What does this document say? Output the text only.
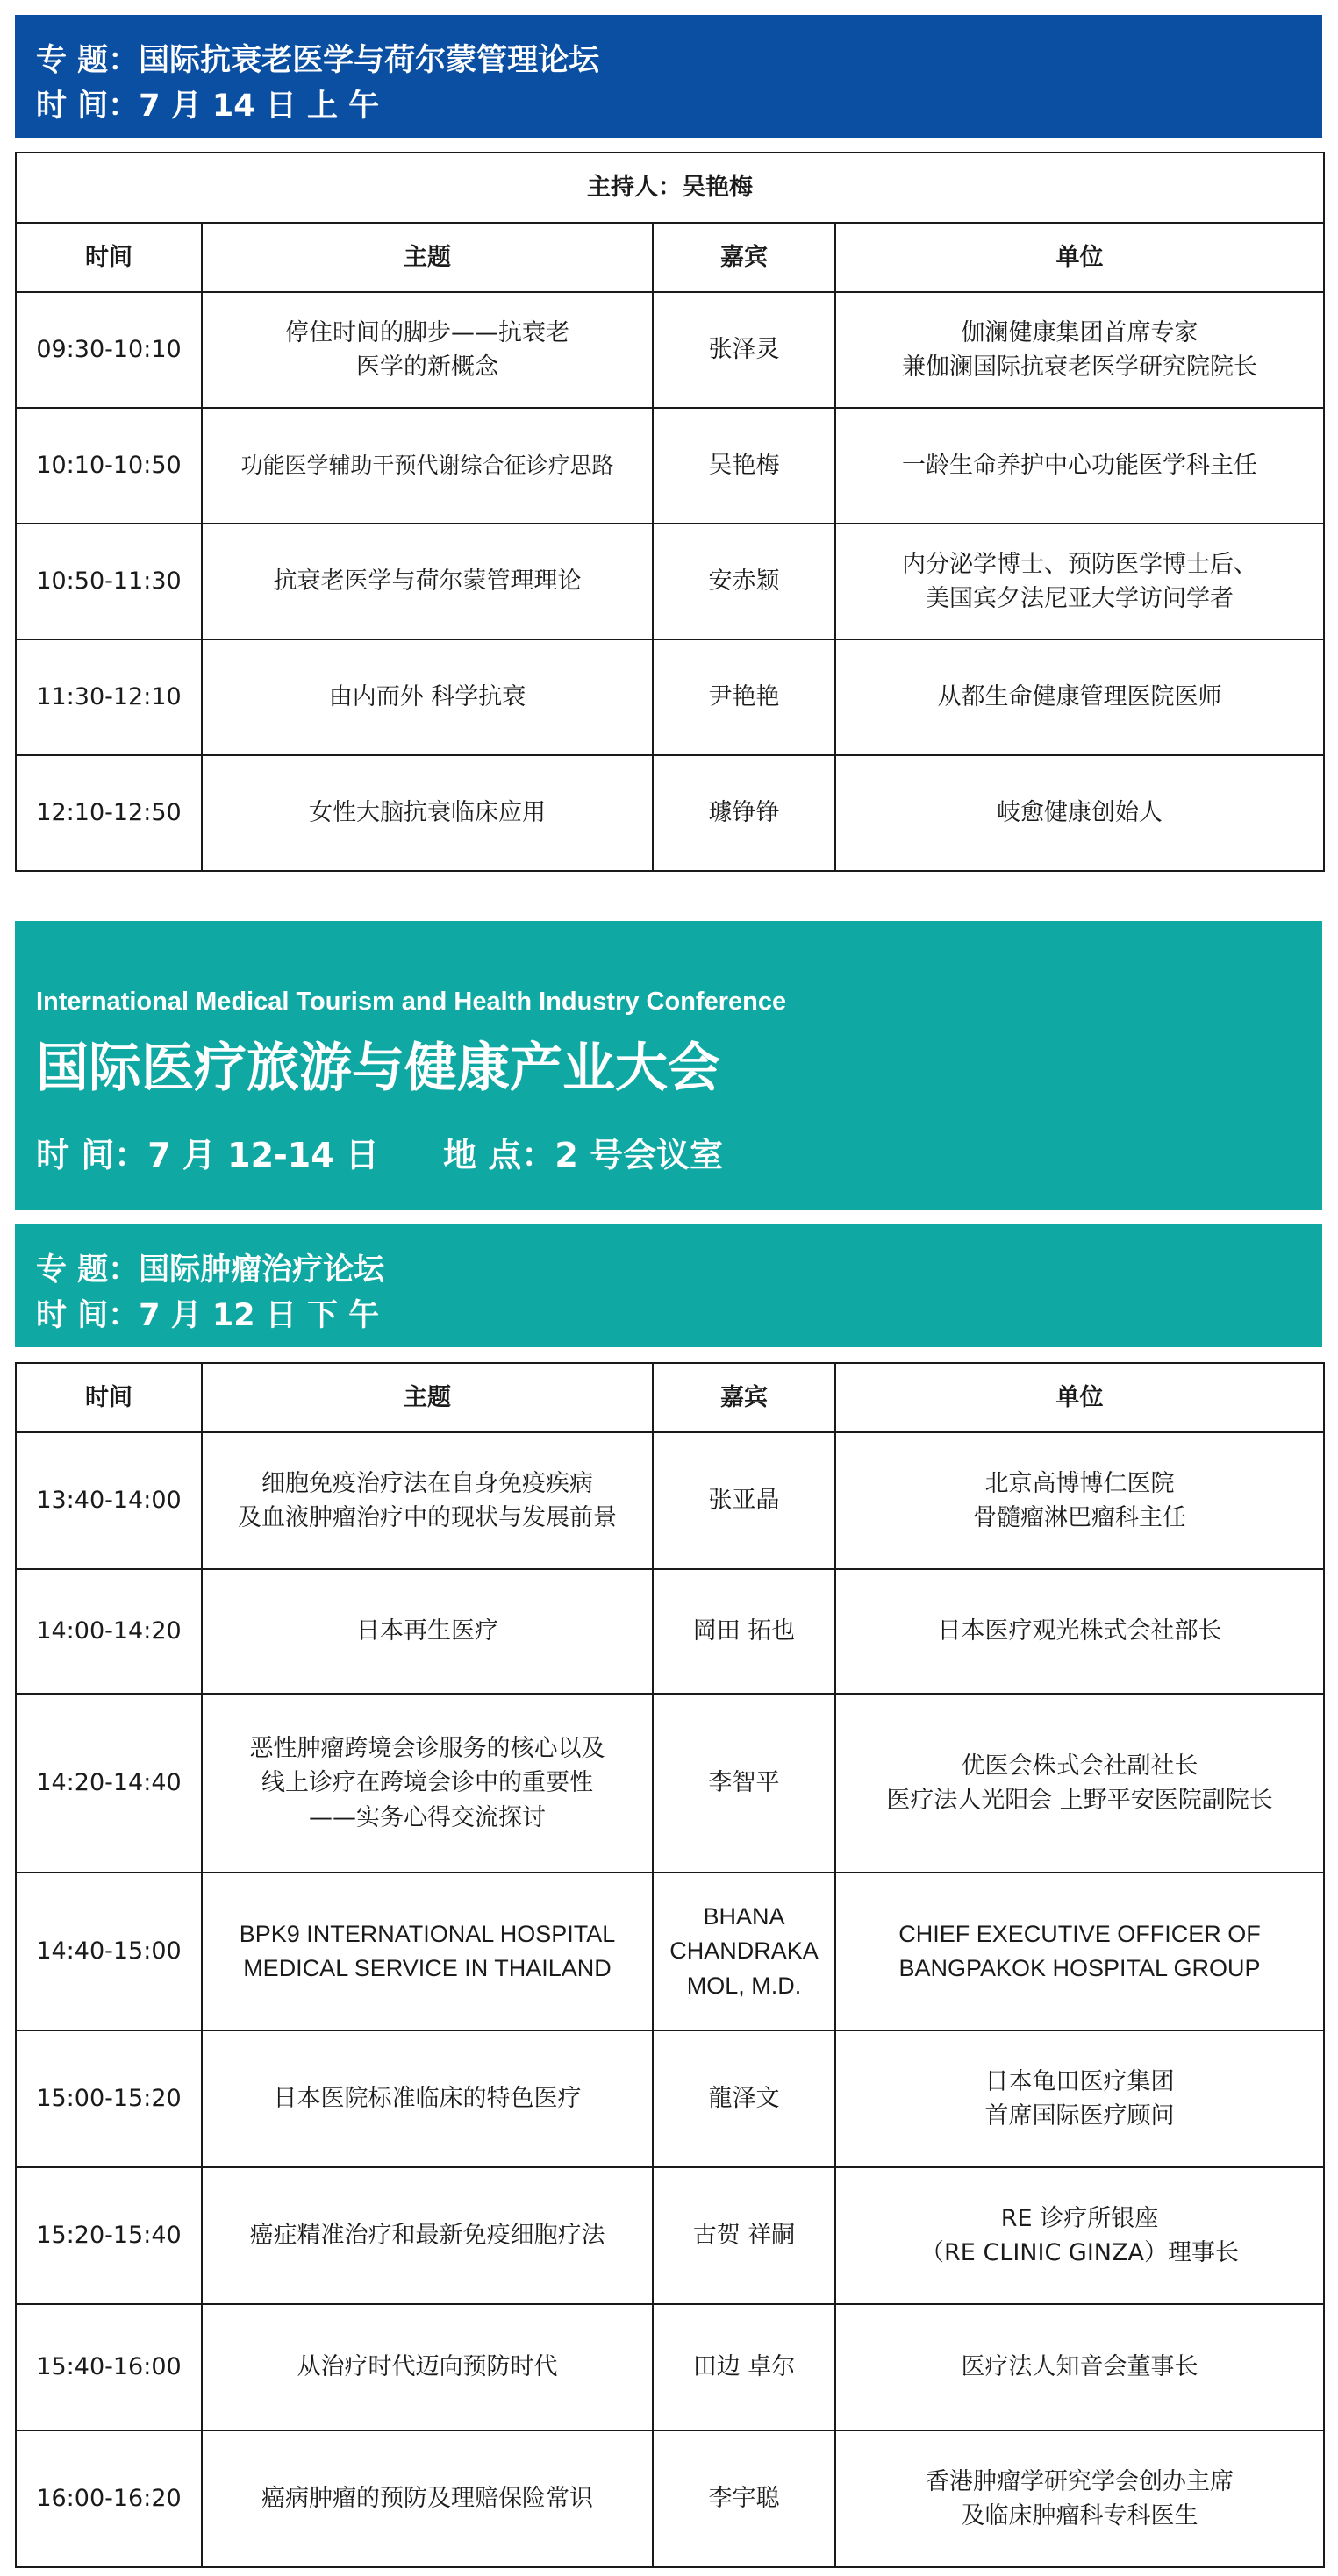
专 题：国际抗衰老医学与荷尔蒙管理论坛
时 间：7 月 14 日 上 午
主持人：吴艳梅			
时间	主题	嘉宾	单位
09:30-10:10	停住时间的脚步——抗衰老
医学的新概念	张泽灵	伽澜健康集团首席专家
兼伽澜国际抗衰老医学研究院院长

10:10-10:50	功能医学辅助干预代谢综合征诊疗思路	吴艳梅	一龄生命养护中心功能医学科主任

10:50-11:30	抗衰老医学与荷尔蒙管理理论	安赤颖	内分泌学博士、预防医学博士后、
美国宾夕法尼亚大学访问学者

11:30-12:10	由内而外 科学抗衰	尹艳艳	从都生命健康管理医院医师

12:10-12:50	女性大脑抗衰临床应用	璩铮铮	岐愈健康创始人
International Medical Tourism and Health Industry Conference
国际医疗旅游与健康产业大会
时 间：7 月 12-14 日 地 点：2 号会议室
专 题：国际肿瘤治疗论坛
时 间：7 月 12 日 下 午
时间	主题	嘉宾	单位
13:40-14:00	细胞免疫治疗法在自身免疫疾病
及血液肿瘤治疗中的现状与发展前景	张亚晶	北京高博博仁医院
骨髓瘤淋巴瘤科主任

14:00-14:20	日本再生医疗	岡田 拓也	日本医疗观光株式会社部长

14:20-14:40	恶性肿瘤跨境会诊服务的核心以及
线上诊疗在跨境会诊中的重要性
——实务心得交流探讨	李智平	优医会株式会社副社长
医疗法人光阳会 上野平安医院副院长

14:40-15:00	BPK9 INTERNATIONAL HOSPITAL
MEDICAL SERVICE IN THAILAND	BHANA
CHANDRAKA
MOL, M.D.	CHIEF EXECUTIVE OFFICER OF
BANGPAKOK HOSPITAL GROUP

15:00-15:20	日本医院标准临床的特色医疗	龍泽文	日本龟田医疗集团
首席国际医疗顾问

15:20-15:40	癌症精准治疗和最新免疫细胞疗法	古贺 祥嗣	RE 诊疗所银座
（RE CLINIC GINZA）理事长

15:40-16:00	从治疗时代迈向预防时代	田边 卓尔	医疗法人知音会董事长

16:00-16:20	癌病肿瘤的预防及理赔保险常识	李宇聪	香港肿瘤学研究学会创办主席
及临床肿瘤科专科医生
